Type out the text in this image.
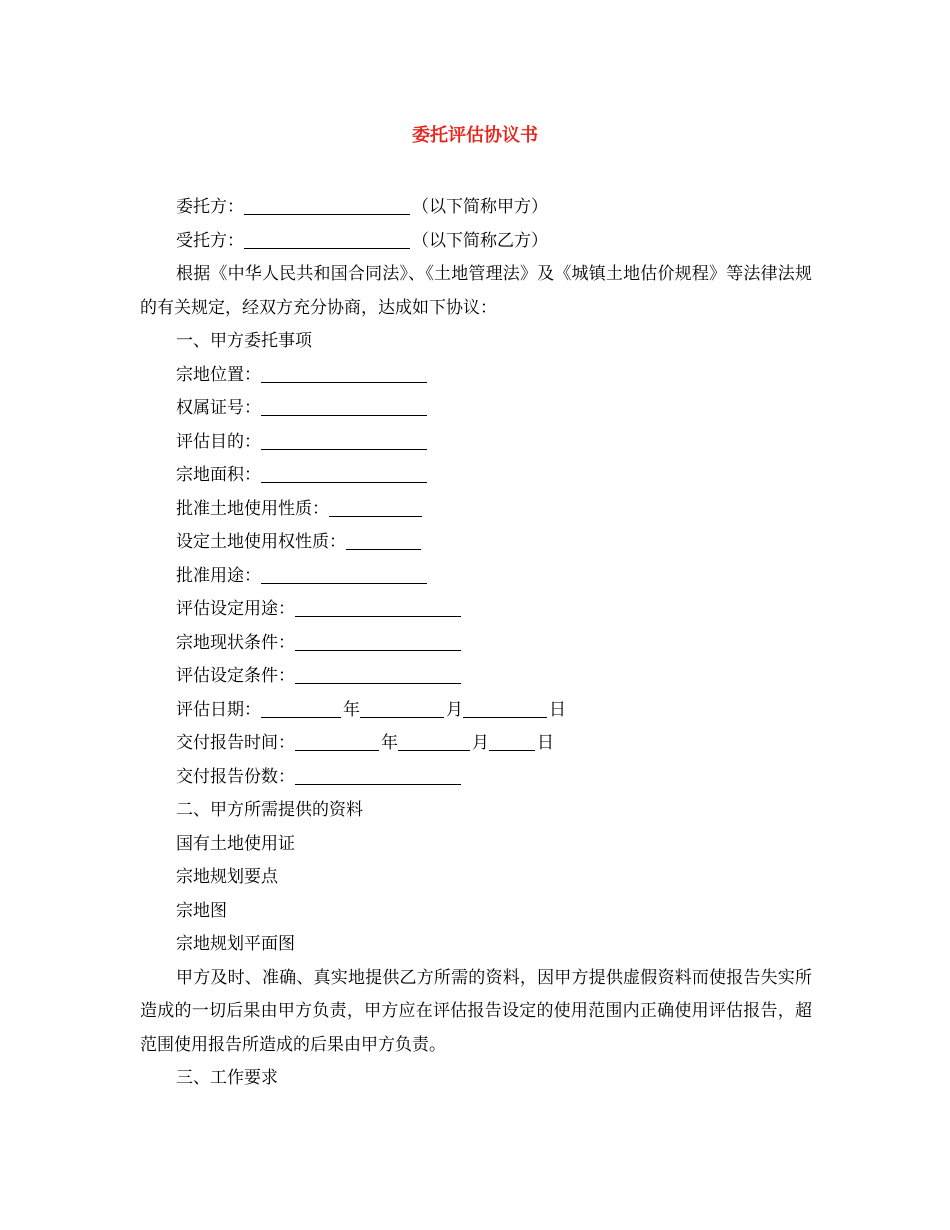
委托评估协议书
委托方：	（以下简称甲方）
受托方：	（以下简称乙方）

根据《中华人民共和国合同法》、《土地管理法》及《城镇土地估价规程》等法律法规的有关规定，经双方充分协商，达成如下协议：

一、甲方委托事项
宗地位置：
权属证号：
评估目的：
宗地面积：
批准土地使用性质：
设定土地使用权性质：
批准用途：
评估设定用途：
宗地现状条件：
评估设定条件：
评估日期：	年	月	日
交付报告时间：	年	月	日
交付报告份数：
二、甲方所需提供的资料
国有土地使用证
宗地规划要点
宗地图
宗地规划平面图

甲方及时、准确、真实地提供乙方所需的资料，因甲方提供虚假资料而使报告失实所造成的一切后果由甲方负责，甲方应在评估报告设定的使用范围内正确使用评估报告，超范围使用报告所造成的后果由甲方负责。

三、工作要求
